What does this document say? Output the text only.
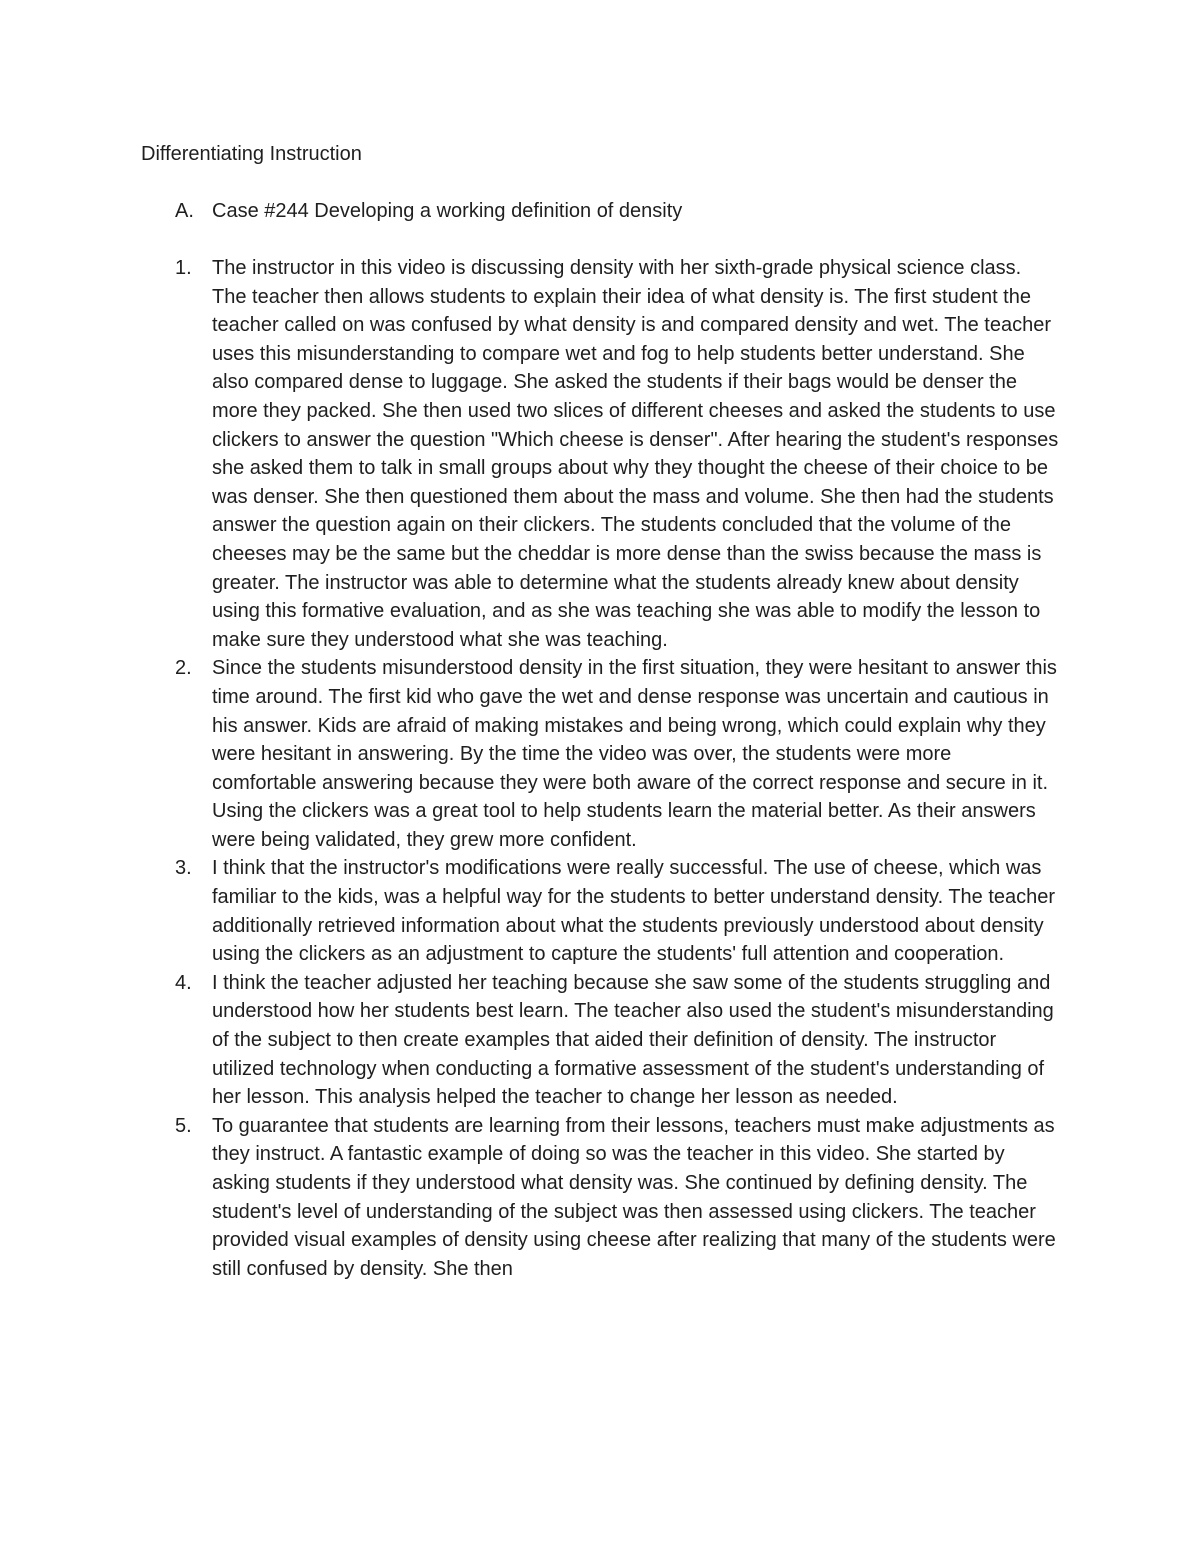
Differentiating Instruction
A. Case #244 Developing a working definition of density
1. The instructor in this video is discussing density with her sixth-grade physical science class. The teacher then allows students to explain their idea of what density is. The first student the teacher called on was confused by what density is and compared density and wet. The teacher uses this misunderstanding to compare wet and fog to help students better understand. She also compared dense to luggage. She asked the students if their bags would be denser the more they packed. She then used two slices of different cheeses and asked the students to use clickers to answer the question "Which cheese is denser". After hearing the student's responses she asked them to talk in small groups about why they thought the cheese of their choice to be was denser. She then questioned them about the mass and volume. She then had the students answer the question again on their clickers. The students concluded that the volume of the cheeses may be the same but the cheddar is more dense than the swiss because the mass is greater. The instructor was able to determine what the students already knew about density using this formative evaluation, and as she was teaching she was able to modify the lesson to make sure they understood what she was teaching.
2. Since the students misunderstood density in the first situation, they were hesitant to answer this time around. The first kid who gave the wet and dense response was uncertain and cautious in his answer. Kids are afraid of making mistakes and being wrong, which could explain why they were hesitant in answering. By the time the video was over, the students were more comfortable answering because they were both aware of the correct response and secure in it. Using the clickers was a great tool to help students learn the material better. As their answers were being validated, they grew more confident.
3. I think that the instructor's modifications were really successful. The use of cheese, which was familiar to the kids, was a helpful way for the students to better understand density. The teacher additionally retrieved information about what the students previously understood about density using the clickers as an adjustment to capture the students' full attention and cooperation.
4. I think the teacher adjusted her teaching because she saw some of the students struggling and understood how her students best learn. The teacher also used the student's misunderstanding of the subject to then create examples that aided their definition of density. The instructor utilized technology when conducting a formative assessment of the student's understanding of her lesson. This analysis helped the teacher to change her lesson as needed.
5. To guarantee that students are learning from their lessons, teachers must make adjustments as they instruct. A fantastic example of doing so was the teacher in this video. She started by asking students if they understood what density was. She continued by defining density. The student's level of understanding of the subject was then assessed using clickers. The teacher provided visual examples of density using cheese after realizing that many of the students were still confused by density. She then
